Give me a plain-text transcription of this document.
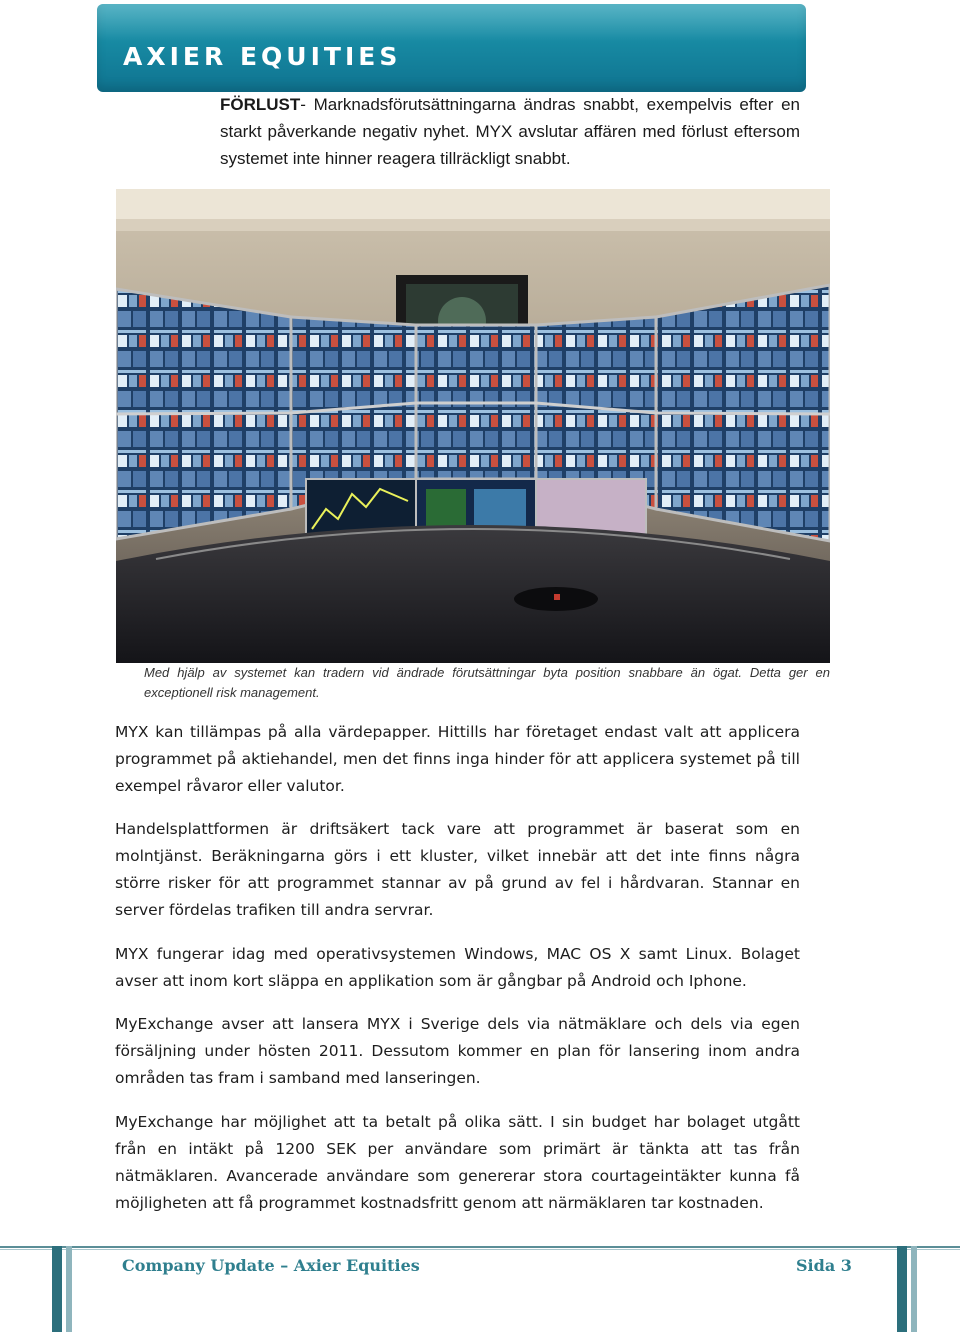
AXIER EQUITIES
FÖRLUST- Marknadsförutsättningarna ändras snabbt, exempelvis efter en starkt påverkande negativ nyhet. MYX avslutar affären med förlust eftersom systemet inte hinner reagera tillräckligt snabbt.
Med hjälp av systemet kan tradern vid ändrade förutsättningar byta position snabbare än ögat. Detta ger en exceptionell risk management.
MYX kan tillämpas på alla värdepapper. Hittills har företaget endast valt att applicera programmet på aktiehandel, men det finns inga hinder för att applicera systemet på till exempel råvaror eller valutor.
Handelsplattformen är driftsäkert tack vare att programmet är baserat som en molntjänst. Beräkningarna görs i ett kluster, vilket innebär att det inte finns några större risker för att programmet stannar av på grund av fel i hårdvaran. Stannar en server fördelas trafiken till andra servrar.
MYX fungerar idag med operativsystemen Windows, MAC OS X samt Linux. Bolaget avser att inom kort släppa en applikation som är gångbar på Android och Iphone.
MyExchange avser att lansera MYX i Sverige dels via nätmäklare och dels via egen försäljning under hösten 2011. Dessutom kommer en plan för lansering inom andra områden tas fram i samband med lanseringen.
MyExchange har möjlighet att ta betalt på olika sätt. I sin budget har bolaget utgått från en intäkt på 1200 SEK per användare som primärt är tänkta att tas från nätmäklaren. Avancerade användare som genererar stora courtageintäkter kunna få möjligheten att få programmet kostnadsfritt genom att närmäklaren tar kostnaden.
Company Update – Axier Equities	Sida 3
